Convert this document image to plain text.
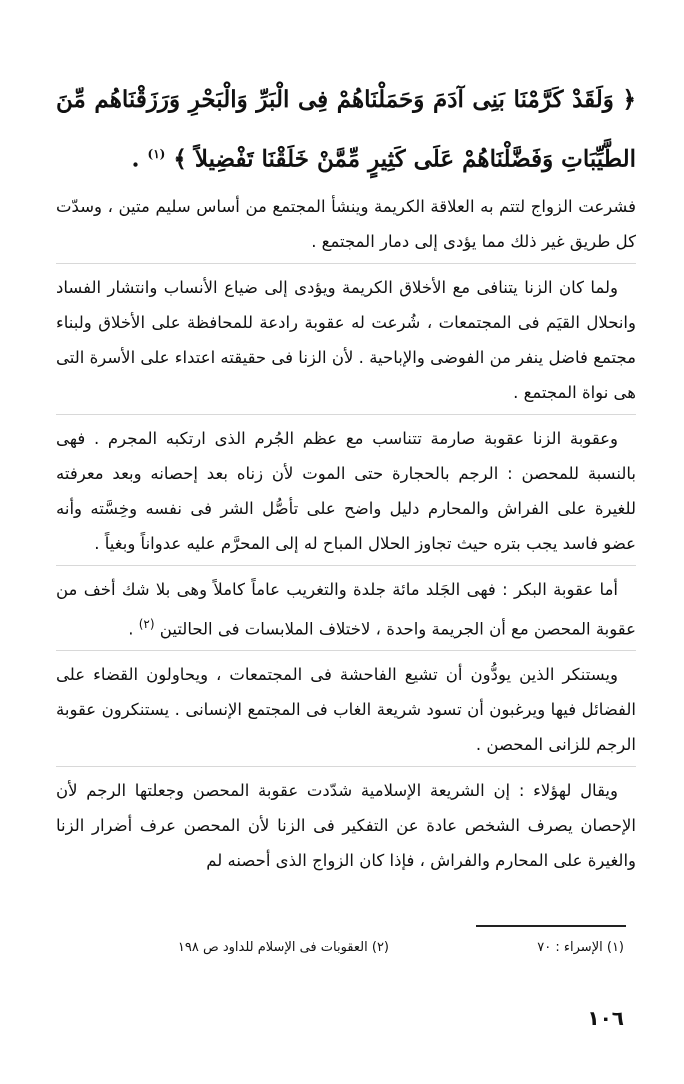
﴿ وَلَقَدْ كَرَّمْنَا بَنِى آدَمَ وَحَمَلْنَاهُمْ فِى الْبَرِّ وَالْبَحْرِ وَرَزَقْنَاهُم مِّنَ الطَّيِّبَاتِ وَفَضَّلْنَاهُمْ عَلَى كَثِيرٍ مِّمَّنْ خَلَقْنَا تَفْضِيلاً ﴾ $^{(١)}$ .

فشرعت الزواج لتتم به العلاقة الكريمة وينشأ المجتمع من أساس سليم متين ، وسدّت كل طريق غير ذلك مما يؤدى إلى دمار المجتمع .

ولما كان الزنا يتنافى مع الأخلاق الكريمة ويؤدى إلى ضياع الأنساب وانتشار الفساد وانحلال القيَم فى المجتمعات ، شُرعت له عقوبة رادعة للمحافظة على الأخلاق ولبناء مجتمع فاضل ينفر من الفوضى والإباحية . لأن الزنا فى حقيقته اعتداء على الأسرة التى هى نواة المجتمع .

وعقوبة الزنا عقوبة صارمة تتناسب مع عظم الجُرم الذى ارتكبه المجرم . فهى بالنسبة للمحصن : الرجم بالحجارة حتى الموت لأن زناه بعد إحصانه وبعد معرفته للغيرة على الفراش والمحارم دليل واضح على تأصُّل الشر فى نفسه وخِسَّته وأنه عضو فاسد يجب بتره حيث تجاوز الحلال المباح له إلى المحرَّم عليه عدواناً وبغياً .

أما عقوبة البكر : فهى الجَلد مائة جلدة والتغريب عاماً كاملاً وهى بلا شك أخف من عقوبة المحصن مع أن الجريمة واحدة ، لاختلاف الملابسات فى الحالتين $^{(٢)}$ .

ويستنكر الذين يودُّون أن تشيع الفاحشة فى المجتمعات ، ويحاولون القضاء على الفضائل فيها ويرغبون أن تسود شريعة الغاب فى المجتمع الإنسانى . يستنكرون عقوبة الرجم للزانى المحصن .

ويقال لهؤلاء : إن الشريعة الإسلامية شدّدت عقوبة المحصن وجعلتها الرجم لأن الإحصان يصرف الشخص عادة عن التفكير فى الزنا لأن المحصن عرف أضرار الزنا والغيرة على المحارم والفراش ، فإذا كان الزواج الذى أحصنه لم

(١) الإسراء : ٧٠
(٢) العقوبات فى الإسلام للداود ص ١٩٨
١٠٦
